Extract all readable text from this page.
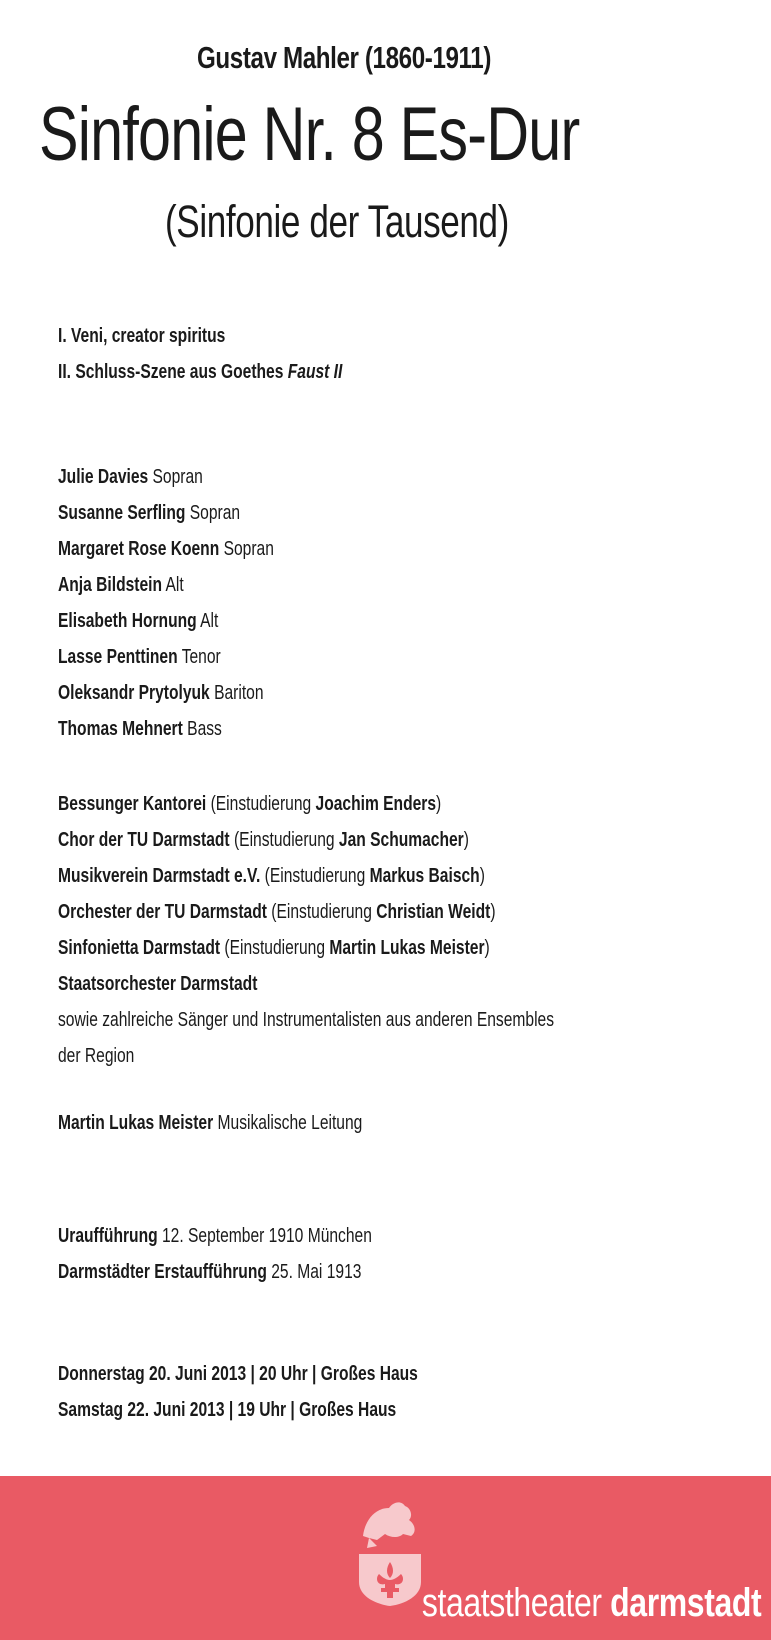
Gustav Mahler (1860-1911)
Sinfonie Nr. 8 Es-Dur
(Sinfonie der Tausend)
I. Veni, creator spiritus
II. Schluss-Szene aus Goethes Faust II
Julie Davies Sopran
Susanne Serfling Sopran
Margaret Rose Koenn Sopran
Anja Bildstein Alt
Elisabeth Hornung Alt
Lasse Penttinen Tenor
Oleksandr Prytolyuk Bariton
Thomas Mehnert Bass
Bessunger Kantorei (Einstudierung Joachim Enders)
Chor der TU Darmstadt (Einstudierung Jan Schumacher)
Musikverein Darmstadt e.V. (Einstudierung Markus Baisch)
Orchester der TU Darmstadt (Einstudierung Christian Weidt)
Sinfonietta Darmstadt (Einstudierung Martin Lukas Meister)
Staatsorchester Darmstadt
sowie zahlreiche Sänger und Instrumentalisten aus anderen Ensembles
der Region
Martin Lukas Meister Musikalische Leitung
Uraufführung 12. September 1910 München
Darmstädter Erstaufführung 25. Mai 1913
Donnerstag 20. Juni 2013 | 20 Uhr | Großes Haus
Samstag 22. Juni 2013 | 19 Uhr | Großes Haus
staatstheater darmstadt
